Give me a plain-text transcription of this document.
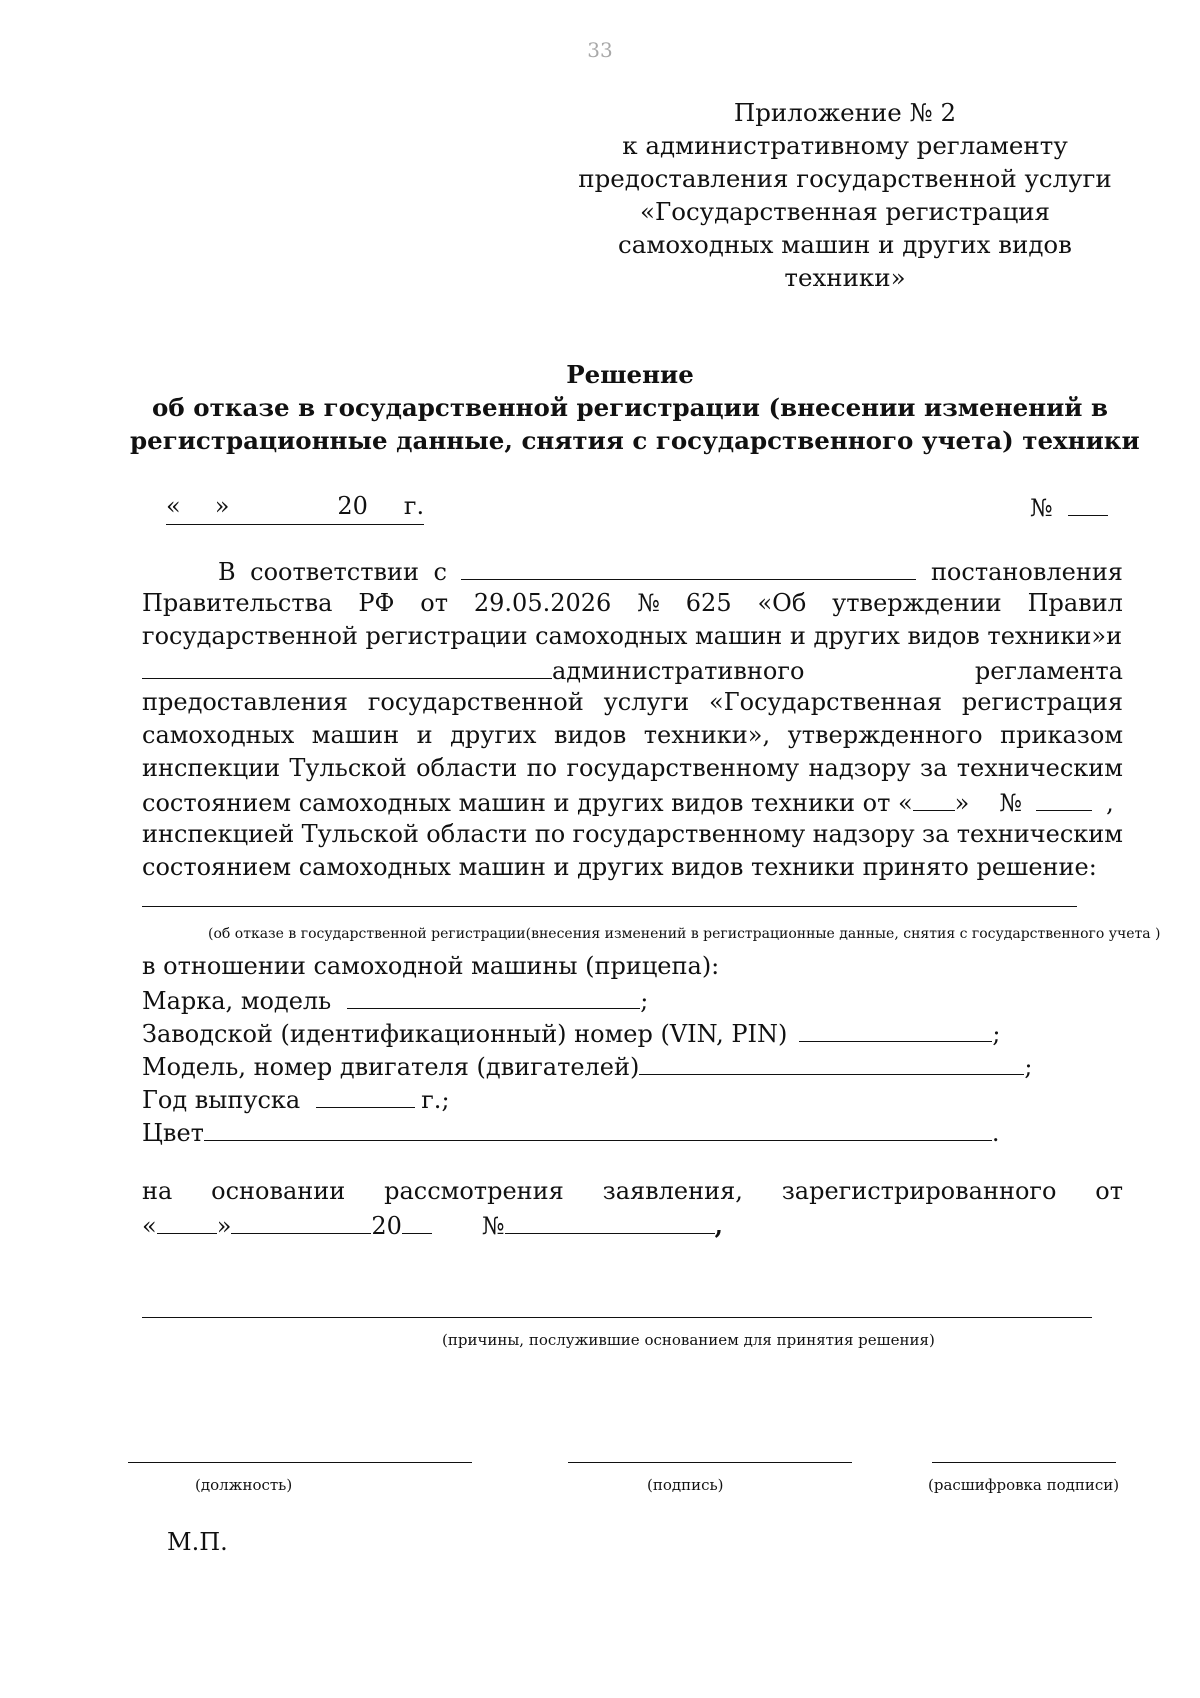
33
Приложение № 2
к административному регламенту
предоставления государственной услуги
«Государственная регистрация
самоходных машин и других видов
техники»
Решение
об отказе в государственной регистрации (внесении изменений в
регистрационные данные, снятия с государственного учета) техники
« »	20 г.	№
В соответствии с	постановления
Правительства РФ от 29.05.2026 № 625 «Об утверждении Правил
государственной регистрации самоходных машин и других видов техники» и
административного	регламента
предоставления государственной услуги «Государственная регистрация
самоходных машин и других видов техники», утвержденного приказом
инспекции Тульской области по государственному надзору за техническим
состоянием самоходных машин и других видов техники от « » №	,
инспекцией Тульской области по государственному надзору за техническим
состоянием самоходных машин и других видов техники принято решение:
(об отказе в государственной регистрации(внесения изменений в регистрационные данные, снятия с государственного учета )
в отношении самоходной машины (прицепа):
Марка, модель	;
Заводской (идентификационный) номер (VIN, PIN)	;
Модель, номер двигателя (двигателей)	;
Год выпуска	г.;
Цвет	.
на основании рассмотрения заявления, зарегистрированного от
«	»	20	№	,
(причины, послужившие основанием для принятия решения)
(должность)	(подпись)	(расшифровка подписи)
М.П.
